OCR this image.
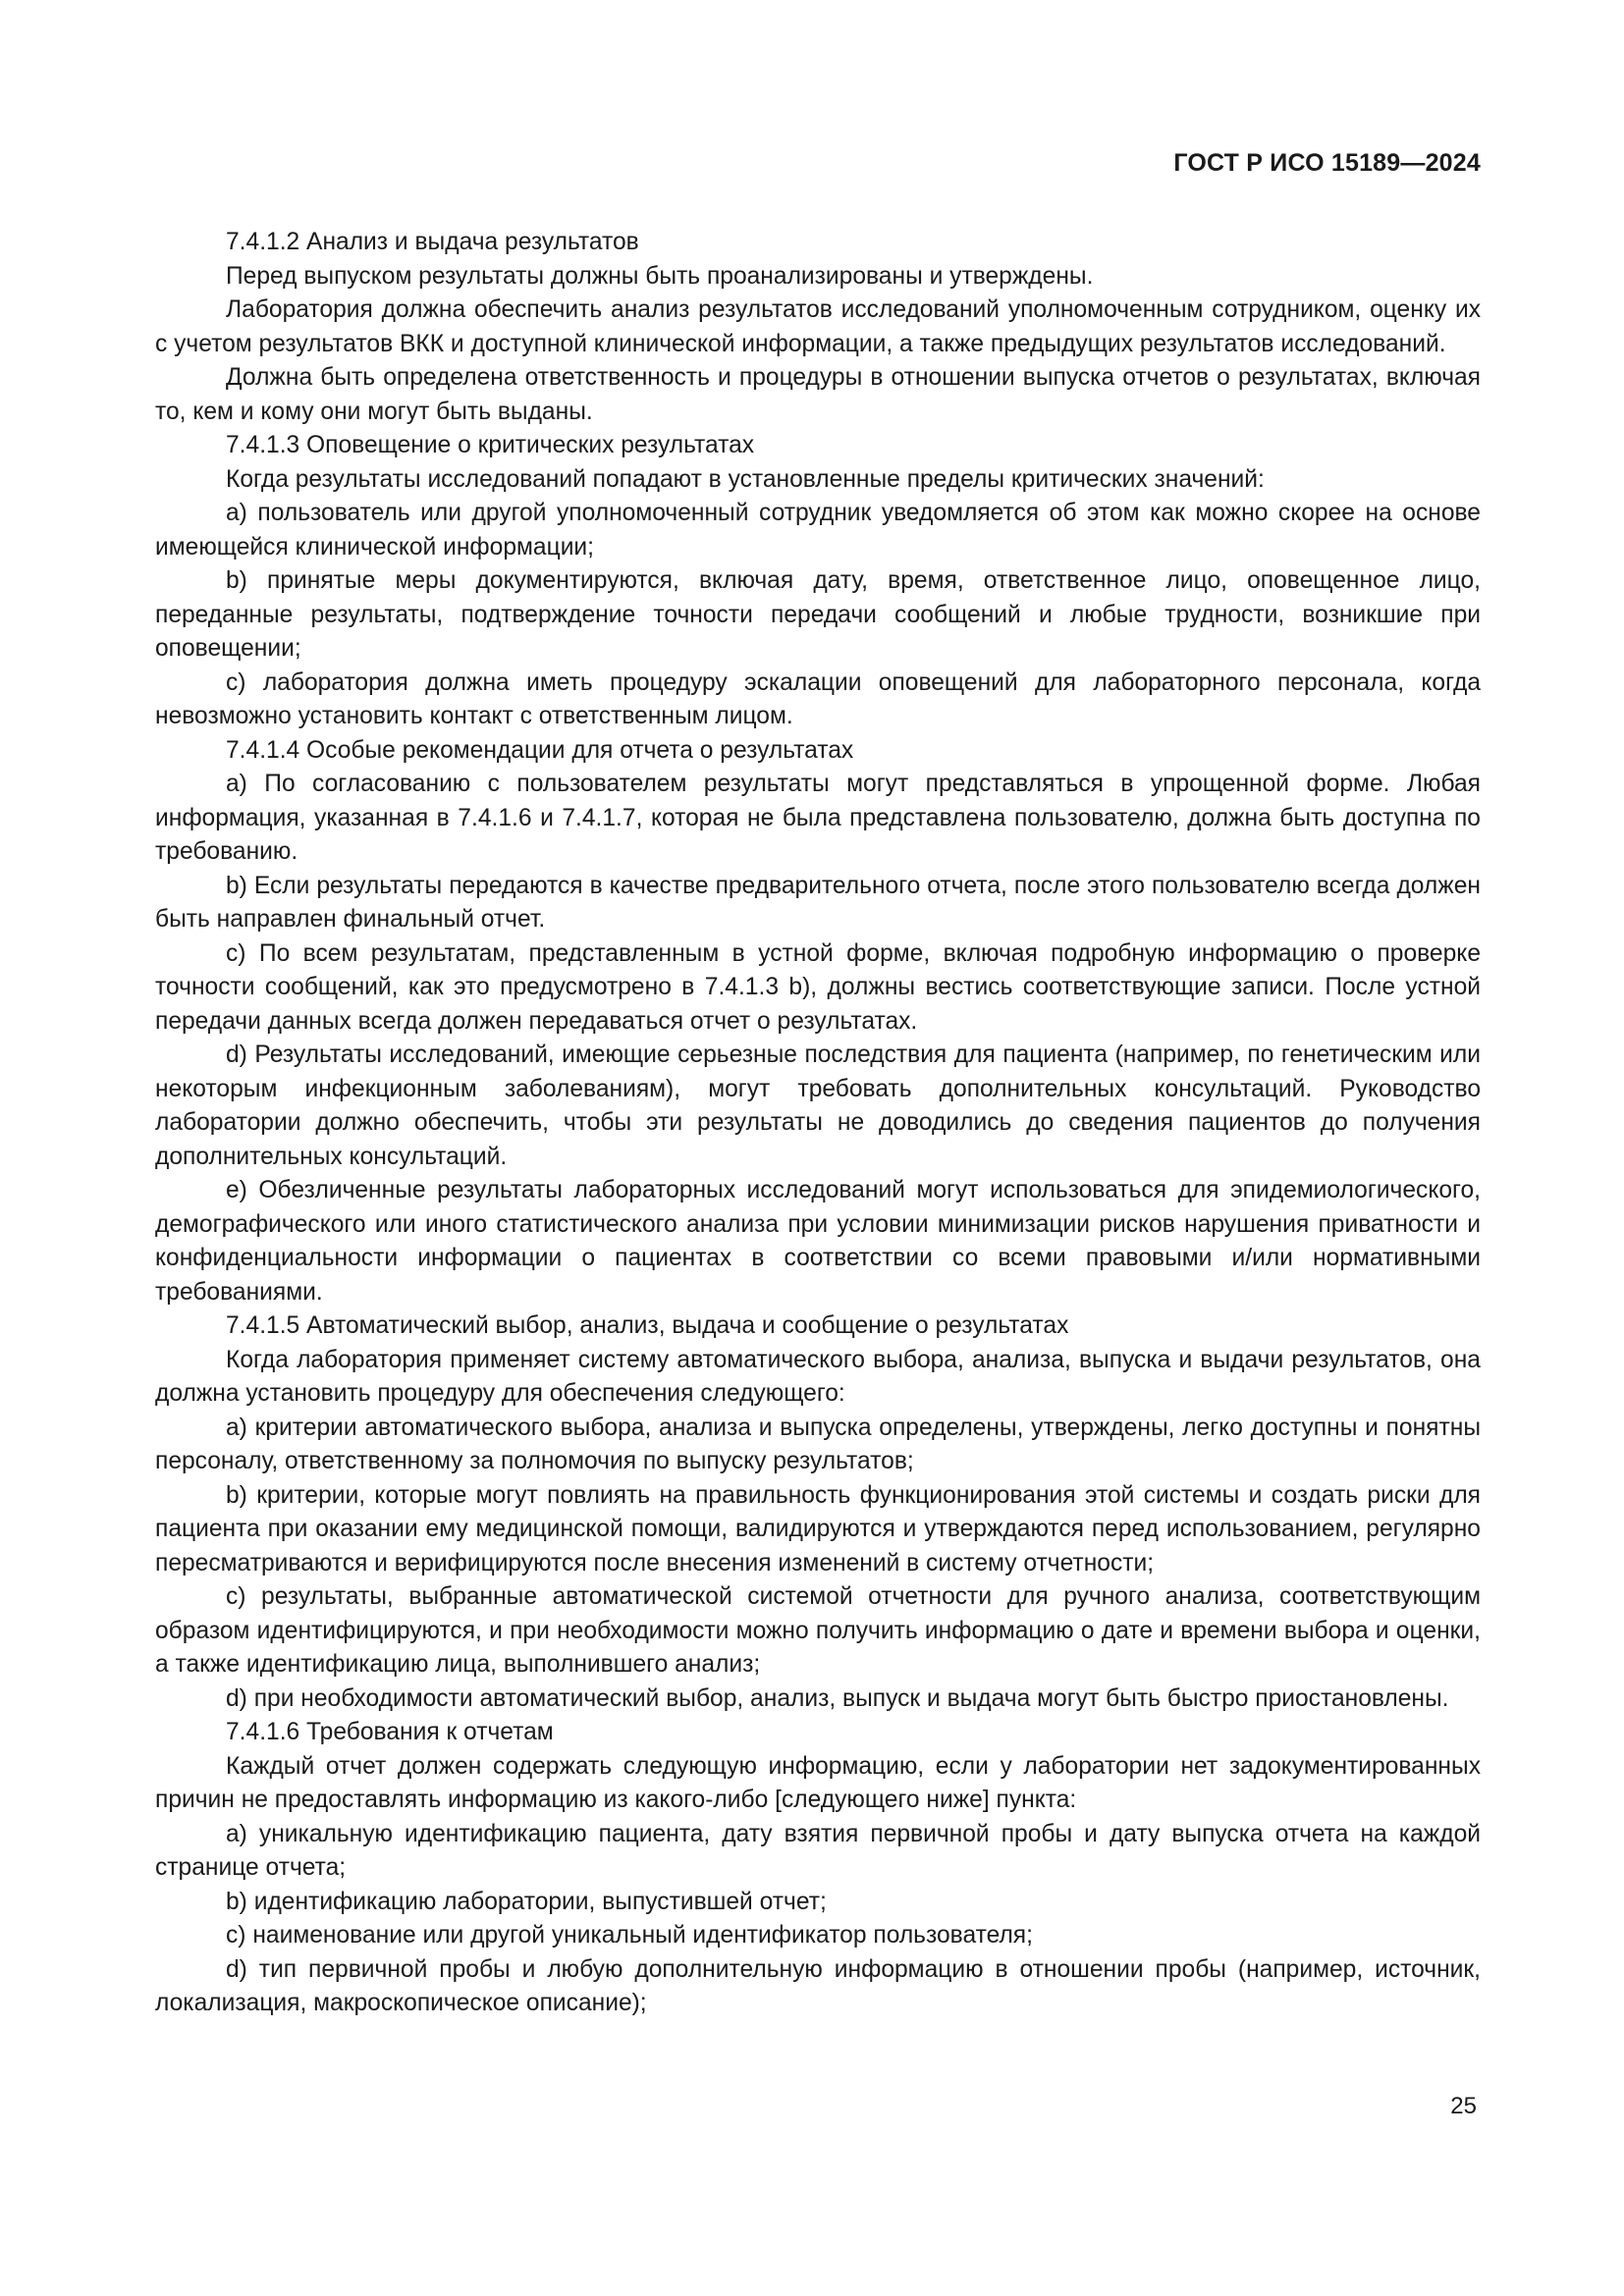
ГОСТ Р ИСО 15189—2024

7.4.1.2 Анализ и выдача результатов

Перед выпуском результаты должны быть проанализированы и утверждены.

Лаборатория должна обеспечить анализ результатов исследований уполномоченным сотрудником, оценку их с учетом результатов ВКК и доступной клинической информации, а также предыдущих результатов исследований.

Должна быть определена ответственность и процедуры в отношении выпуска отчетов о результатах, включая то, кем и кому они могут быть выданы.

7.4.1.3 Оповещение о критических результатах

Когда результаты исследований попадают в установленные пределы критических значений:

a) пользователь или другой уполномоченный сотрудник уведомляется об этом как можно скорее на основе имеющейся клинической информации;

b) принятые меры документируются, включая дату, время, ответственное лицо, оповещенное лицо, переданные результаты, подтверждение точности передачи сообщений и любые трудности, возникшие при оповещении;

c) лаборатория должна иметь процедуру эскалации оповещений для лабораторного персонала, когда невозможно установить контакт с ответственным лицом.

7.4.1.4 Особые рекомендации для отчета о результатах

a) По согласованию с пользователем результаты могут представляться в упрощенной форме. Любая информация, указанная в 7.4.1.6 и 7.4.1.7, которая не была представлена пользователю, должна быть доступна по требованию.

b) Если результаты передаются в качестве предварительного отчета, после этого пользователю всегда должен быть направлен финальный отчет.

c) По всем результатам, представленным в устной форме, включая подробную информацию о проверке точности сообщений, как это предусмотрено в 7.4.1.3 b), должны вестись соответствующие записи. После устной передачи данных всегда должен передаваться отчет о результатах.

d) Результаты исследований, имеющие серьезные последствия для пациента (например, по генетическим или некоторым инфекционным заболеваниям), могут требовать дополнительных консультаций. Руководство лаборатории должно обеспечить, чтобы эти результаты не доводились до сведения пациентов до получения дополнительных консультаций.

e) Обезличенные результаты лабораторных исследований могут использоваться для эпидемиологического, демографического или иного статистического анализа при условии минимизации рисков нарушения приватности и конфиденциальности информации о пациентах в соответствии со всеми правовыми и/или нормативными требованиями.

7.4.1.5 Автоматический выбор, анализ, выдача и сообщение о результатах

Когда лаборатория применяет систему автоматического выбора, анализа, выпуска и выдачи результатов, она должна установить процедуру для обеспечения следующего:

a) критерии автоматического выбора, анализа и выпуска определены, утверждены, легко доступны и понятны персоналу, ответственному за полномочия по выпуску результатов;

b) критерии, которые могут повлиять на правильность функционирования этой системы и создать риски для пациента при оказании ему медицинской помощи, валидируются и утверждаются перед использованием, регулярно пересматриваются и верифицируются после внесения изменений в систему отчетности;

c) результаты, выбранные автоматической системой отчетности для ручного анализа, соответствующим образом идентифицируются, и при необходимости можно получить информацию о дате и времени выбора и оценки, а также идентификацию лица, выполнившего анализ;

d) при необходимости автоматический выбор, анализ, выпуск и выдача могут быть быстро приостановлены.

7.4.1.6 Требования к отчетам

Каждый отчет должен содержать следующую информацию, если у лаборатории нет задокументированных причин не предоставлять информацию из какого-либо [следующего ниже] пункта:

a) уникальную идентификацию пациента, дату взятия первичной пробы и дату выпуска отчета на каждой странице отчета;

b) идентификацию лаборатории, выпустившей отчет;

c) наименование или другой уникальный идентификатор пользователя;

d) тип первичной пробы и любую дополнительную информацию в отношении пробы (например, источник, локализация, макроскопическое описание);

25
